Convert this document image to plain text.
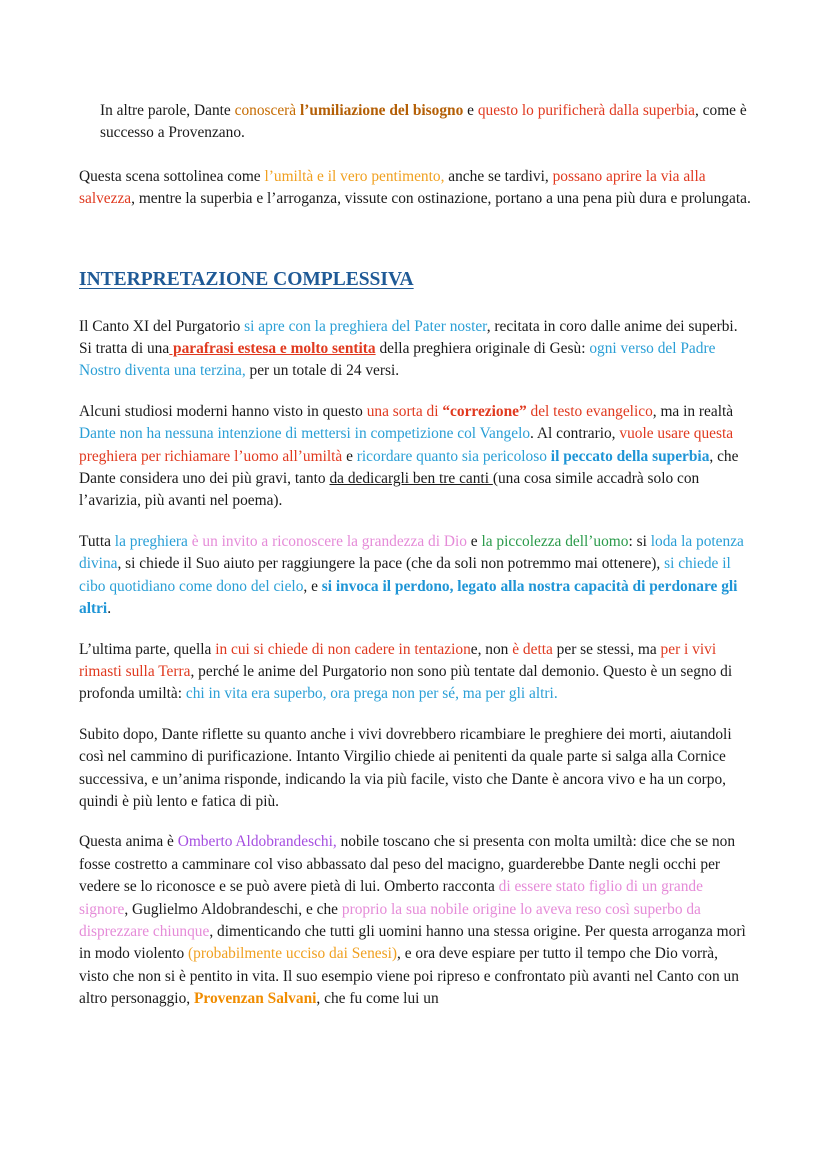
In altre parole, Dante conoscerà l’umiliazione del bisogno e questo lo purificherà dalla superbia, come è successo a Provenzano.

Questa scena sottolinea come l’umiltà e il vero pentimento, anche se tardivi, possano aprire la via alla salvezza, mentre la superbia e l’arroganza, vissute con ostinazione, portano a una pena più dura e prolungata.

INTERPRETAZIONE COMPLESSIVA

Il Canto XI del Purgatorio si apre con la preghiera del Pater noster, recitata in coro dalle anime dei superbi. Si tratta di una parafrasi estesa e molto sentita della preghiera originale di Gesù: ogni verso del Padre Nostro diventa una terzina, per un totale di 24 versi.

Alcuni studiosi moderni hanno visto in questo una sorta di “correzione” del testo evangelico, ma in realtà Dante non ha nessuna intenzione di mettersi in competizione col Vangelo. Al contrario, vuole usare questa preghiera per richiamare l’uomo all’umiltà e ricordare quanto sia pericoloso il peccato della superbia, che Dante considera uno dei più gravi, tanto da dedicargli ben tre canti (una cosa simile accadrà solo con l’avarizia, più avanti nel poema).

Tutta la preghiera è un invito a riconoscere la grandezza di Dio e la piccolezza dell’uomo: si loda la potenza divina, si chiede il Suo aiuto per raggiungere la pace (che da soli non potremmo mai ottenere), si chiede il cibo quotidiano come dono del cielo, e si invoca il perdono, legato alla nostra capacità di perdonare gli altri.

L’ultima parte, quella in cui si chiede di non cadere in tentazione, non è detta per se stessi, ma per i vivi rimasti sulla Terra, perché le anime del Purgatorio non sono più tentate dal demonio. Questo è un segno di profonda umiltà: chi in vita era superbo, ora prega non per sé, ma per gli altri.

Subito dopo, Dante riflette su quanto anche i vivi dovrebbero ricambiare le preghiere dei morti, aiutandoli così nel cammino di purificazione. Intanto Virgilio chiede ai penitenti da quale parte si salga alla Cornice successiva, e un’anima risponde, indicando la via più facile, visto che Dante è ancora vivo e ha un corpo, quindi è più lento e fatica di più.

Questa anima è Omberto Aldobrandeschi, nobile toscano che si presenta con molta umiltà: dice che se non fosse costretto a camminare col viso abbassato dal peso del macigno, guarderebbe Dante negli occhi per vedere se lo riconosce e se può avere pietà di lui. Omberto racconta di essere stato figlio di un grande signore, Guglielmo Aldobrandeschi, e che proprio la sua nobile origine lo aveva reso così superbo da disprezzare chiunque, dimenticando che tutti gli uomini hanno una stessa origine. Per questa arroganza morì in modo violento (probabilmente ucciso dai Senesi), e ora deve espiare per tutto il tempo che Dio vorrà, visto che non si è pentito in vita. Il suo esempio viene poi ripreso e confrontato più avanti nel Canto con un altro personaggio, Provenzan Salvani, che fu come lui un
